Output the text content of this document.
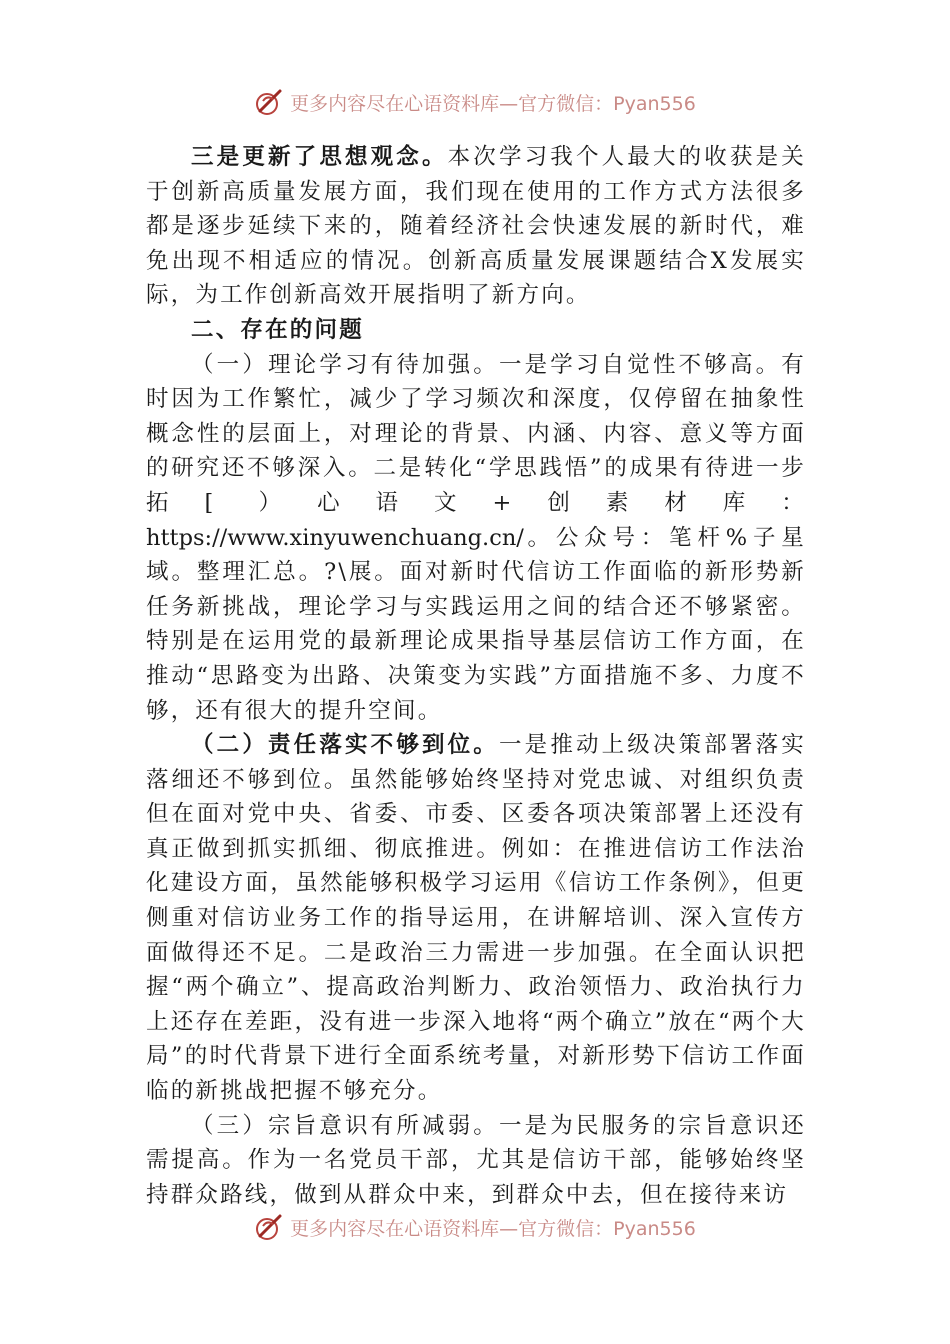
更多内容尽在心语资料库—官方微信：Pyan556

三是更新了思想观念。本次学习我个人最大的收获是关于创新高质量发展方面，我们现在使用的工作方式方法很多都是逐步延续下来的，随着经济社会快速发展的新时代，难免出现不相适应的情况。创新高质量发展课题结合X发展实际，为工作创新高效开展指明了新方向。

二、存在的问题

（一）理论学习有待加强。一是学习自觉性不够高。有时因为工作繁忙，减少了学习频次和深度，仅停留在抽象性概念性的层面上，对理论的背景、内涵、内容、意义等方面的研究还不够深入。二是转化“学思践悟”的成果有待进一步拓[ ）心语文+创素材库：https://www.xinyuwenchuang.cn/。公众号：笔杆%子星域。整理汇总。?\展。面对新时代信访工作面临的新形势新任务新挑战，理论学习与实践运用之间的结合还不够紧密。特别是在运用党的最新理论成果指导基层信访工作方面，在推动“思路变为出路、决策变为实践”方面措施不多、力度不够，还有很大的提升空间。

（二）责任落实不够到位。一是推动上级决策部署落实落细还不够到位。虽然能够始终坚持对党忠诚、对组织负责但在面对党中央、省委、市委、区委各项决策部署上还没有真正做到抓实抓细、彻底推进。例如：在推进信访工作法治化建设方面，虽然能够积极学习运用《信访工作条例》，但更侧重对信访业务工作的指导运用，在讲解培训、深入宣传方面做得还不足。二是政治三力需进一步加强。在全面认识把握“两个确立”、提高政治判断力、政治领悟力、政治执行力上还存在差距，没有进一步深入地将“两个确立”放在“两个大局”的时代背景下进行全面系统考量，对新形势下信访工作面临的新挑战把握不够充分。

（三）宗旨意识有所减弱。一是为民服务的宗旨意识还需提高。作为一名党员干部，尤其是信访干部，能够始终坚持群众路线，做到从群众中来，到群众中去，但在接待来访

更多内容尽在心语资料库—官方微信：Pyan556
